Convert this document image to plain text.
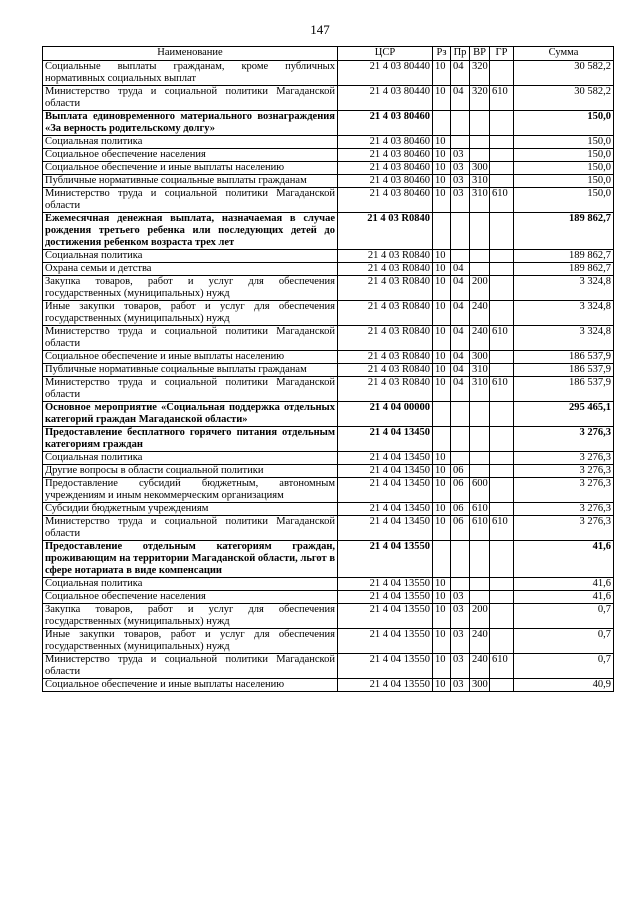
147
Наименование	ЦСР	Рз	Пр	ВР	ГР	Сумма
Социальные выплаты гражданам, кроме публичных нормативных социальных выплат	21 4 03 80440	10	04	320		30 582,2
Министерство труда и социальной политики Магаданской области	21 4 03 80440	10	04	320	610	30 582,2
Выплата единовременного материального вознаграждения «За верность родительскому долгу»	21 4 03 80460					150,0
Социальная политика	21 4 03 80460	10				150,0
Социальное обеспечение населения	21 4 03 80460	10	03			150,0
Социальное обеспечение и иные выплаты населению	21 4 03 80460	10	03	300		150,0
Публичные нормативные социальные выплаты гражданам	21 4 03 80460	10	03	310		150,0
Министерство труда и социальной политики Магаданской области	21 4 03 80460	10	03	310	610	150,0
Ежемесячная денежная выплата, назначаемая в случае рождения третьего ребенка или последующих детей до достижения ребенком возраста трех лет	21 4 03 R0840					189 862,7
Социальная политика	21 4 03 R0840	10				189 862,7
Охрана семьи и детства	21 4 03 R0840	10	04			189 862,7
Закупка товаров, работ и услуг для обеспечения государственных (муниципальных) нужд	21 4 03 R0840	10	04	200		3 324,8
Иные закупки товаров, работ и услуг для обеспечения государственных (муниципальных) нужд	21 4 03 R0840	10	04	240		3 324,8
Министерство труда и социальной политики Магаданской области	21 4 03 R0840	10	04	240	610	3 324,8
Социальное обеспечение и иные выплаты населению	21 4 03 R0840	10	04	300		186 537,9
Публичные нормативные социальные выплаты гражданам	21 4 03 R0840	10	04	310		186 537,9
Министерство труда и социальной политики Магаданской области	21 4 03 R0840	10	04	310	610	186 537,9
Основное мероприятие «Социальная поддержка отдельных категорий граждан Магаданской области»	21 4 04 00000					295 465,1
Предоставление бесплатного горячего питания отдельным категориям граждан	21 4 04 13450					3 276,3
Социальная политика	21 4 04 13450	10				3 276,3
Другие вопросы в области социальной политики	21 4 04 13450	10	06			3 276,3
Предоставление субсидий бюджетным, автономным учреждениям и иным некоммерческим организациям	21 4 04 13450	10	06	600		3 276,3
Субсидии бюджетным учреждениям	21 4 04 13450	10	06	610		3 276,3
Министерство труда и социальной политики Магаданской области	21 4 04 13450	10	06	610	610	3 276,3
Предоставление отдельным категориям граждан, проживающим на территории Магаданской области, льгот в сфере нотариата в виде компенсации	21 4 04 13550					41,6
Социальная политика	21 4 04 13550	10				41,6
Социальное обеспечение населения	21 4 04 13550	10	03			41,6
Закупка товаров, работ и услуг для обеспечения государственных (муниципальных) нужд	21 4 04 13550	10	03	200		0,7
Иные закупки товаров, работ и услуг для обеспечения государственных (муниципальных) нужд	21 4 04 13550	10	03	240		0,7
Министерство труда и социальной политики Магаданской области	21 4 04 13550	10	03	240	610	0,7
Социальное обеспечение и иные выплаты населению	21 4 04 13550	10	03	300		40,9
